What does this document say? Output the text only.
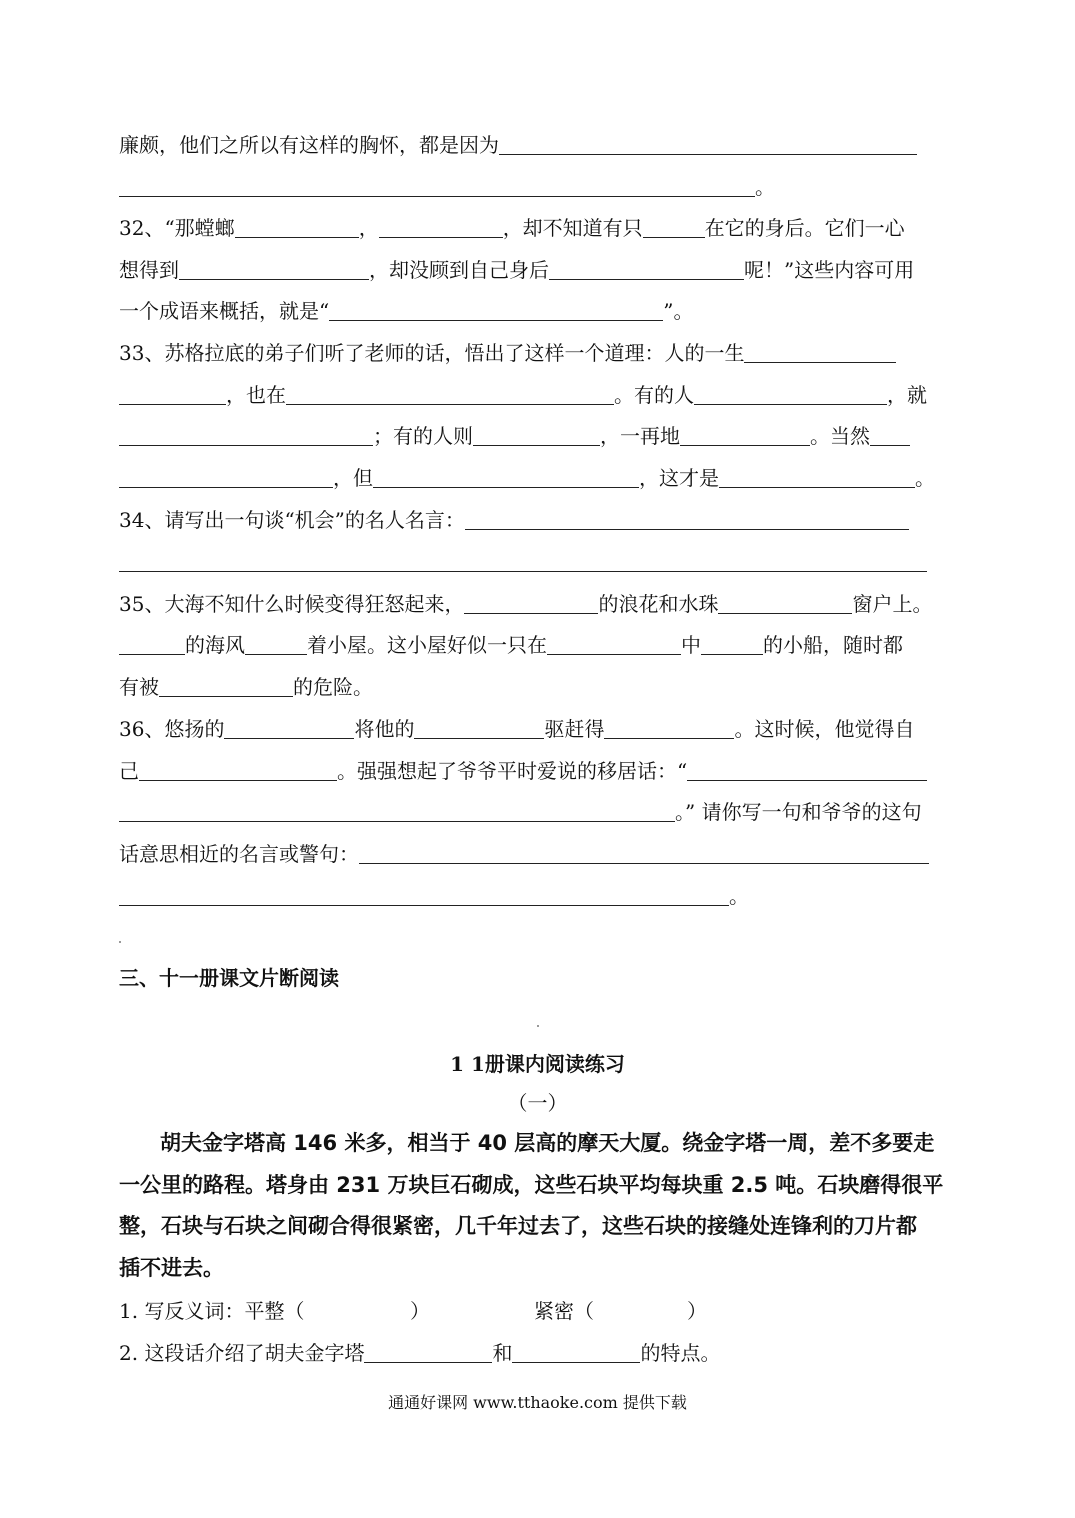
廉颇，他们之所以有这样的胸怀，都是因为
。
32、“那螳螂	，	，却不知道有只	在它的身后。它们一心
想得到	，却没顾到自己身后	呢！”这些内容可用
一个成语来概括，就是“	”。
33、苏格拉底的弟子们听了老师的话，悟出了这样一个道理：人的一生
，也在	。有的人	，就
；有的人则	，一再地	。当然
，但	，这才是	。
34、请写出一句谈“机会”的名人名言：
35、大海不知什么时候变得狂怒起来，	的浪花和水珠	窗户上。
的海风	着小屋。这小屋好似一只在	中	的小船，随时都
有被	的危险。
36、悠扬的	将他的	驱赶得	。这时候，他觉得自
己	。强强想起了爷爷平时爱说的移居话：“
。” 请你写一句和爷爷的这句
话意思相近的名言或警句：
。
三、十一册课文片断阅读
1 1册课内阅读练习
（一）
胡夫金字塔高 146 米多，相当于 40 层高的摩天大厦。绕金字塔一周，差不多要走
一公里的路程。塔身由 231 万块巨石砌成，这些石块平均每块重 2.5 吨。石块磨得很平
整，石块与石块之间砌合得很紧密，几千年过去了，这些石块的接缝处连锋利的刀片都
插不进去。
1. 写反义词：平整（	）	紧密（	）
2. 这段话介绍了胡夫金字塔	和	的特点。
通通好课网 www.tthaoke.com 提供下载
